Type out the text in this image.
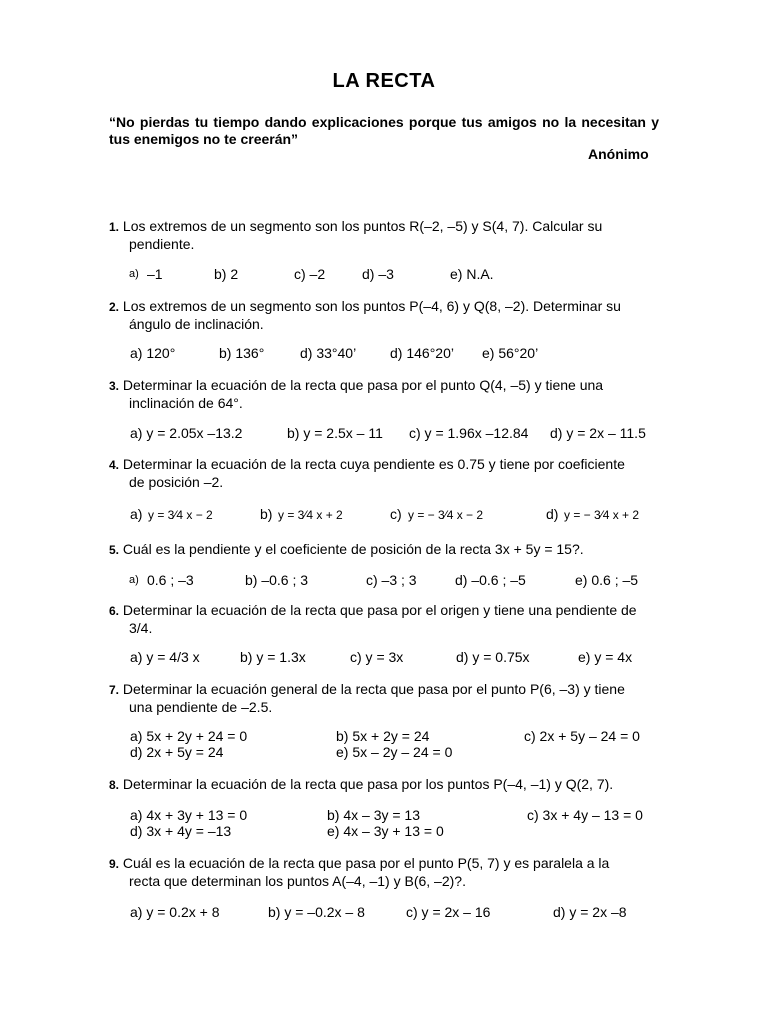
LA RECTA
“No pierdas tu tiempo dando explicaciones porque tus amigos no la necesitan y tus enemigos no te creerán”
Anónimo
1. Los extremos de un segmento son los puntos R(–2, –5) y S(4, 7). Calcular su
pendiente.
a) –1	b) 2	c) –2	d) –3	e) N.A.
2. Los extremos de un segmento son los puntos P(–4, 6) y Q(8, –2). Determinar su
ángulo de inclinación.
a) 120°	b) 136°	d) 33°40’ d) 146°20’ e) 56°20’
3. Determinar la ecuación de la recta que pasa por el punto Q(4, –5) y tiene una
inclinación de 64°.
a) y = 2.05x –13.2	b) y = 2.5x – 11 c) y = 1.96x –12.84 d) y = 2x – 11.5
4. Determinar la ecuación de la recta cuya pendiente es 0.75 y tiene por coeficiente
de posición –2.
a) y = 3⁄4 x − 2	b) y = 3⁄4 x + 2	c) y = − 3⁄4 x − 2	d) y = − 3⁄4 x + 2
5. Cuál es la pendiente y el coeficiente de posición de la recta 3x + 5y = 15?.
a) 0.6 ; –3	b) –0.6 ; 3	c) –3 ; 3	d) –0.6 ; –5	e) 0.6 ; –5
6. Determinar la ecuación de la recta que pasa por el origen y tiene una pendiente de
3/4.
a) y = 4/3 x	b) y = 1.3x	c) y = 3x	d) y = 0.75x	e) y = 4x
7. Determinar la ecuación general de la recta que pasa por el punto P(6, –3) y tiene
una pendiente de –2.5.
a) 5x + 2y + 24 = 0	b) 5x + 2y = 24	c) 2x + 5y – 24 = 0
d) 2x + 5y = 24	e) 5x – 2y – 24 = 0
8. Determinar la ecuación de la recta que pasa por los puntos P(–4, –1) y Q(2, 7).
a) 4x + 3y + 13 = 0	b) 4x – 3y = 13	c) 3x + 4y – 13 = 0
d) 3x + 4y = –13	e) 4x – 3y + 13 = 0
9. Cuál es la ecuación de la recta que pasa por el punto P(5, 7) y es paralela a la
recta que determinan los puntos A(–4, –1) y B(6, –2)?.
a) y = 0.2x + 8	b) y = –0.2x – 8	c) y = 2x – 16	d) y = 2x –8
